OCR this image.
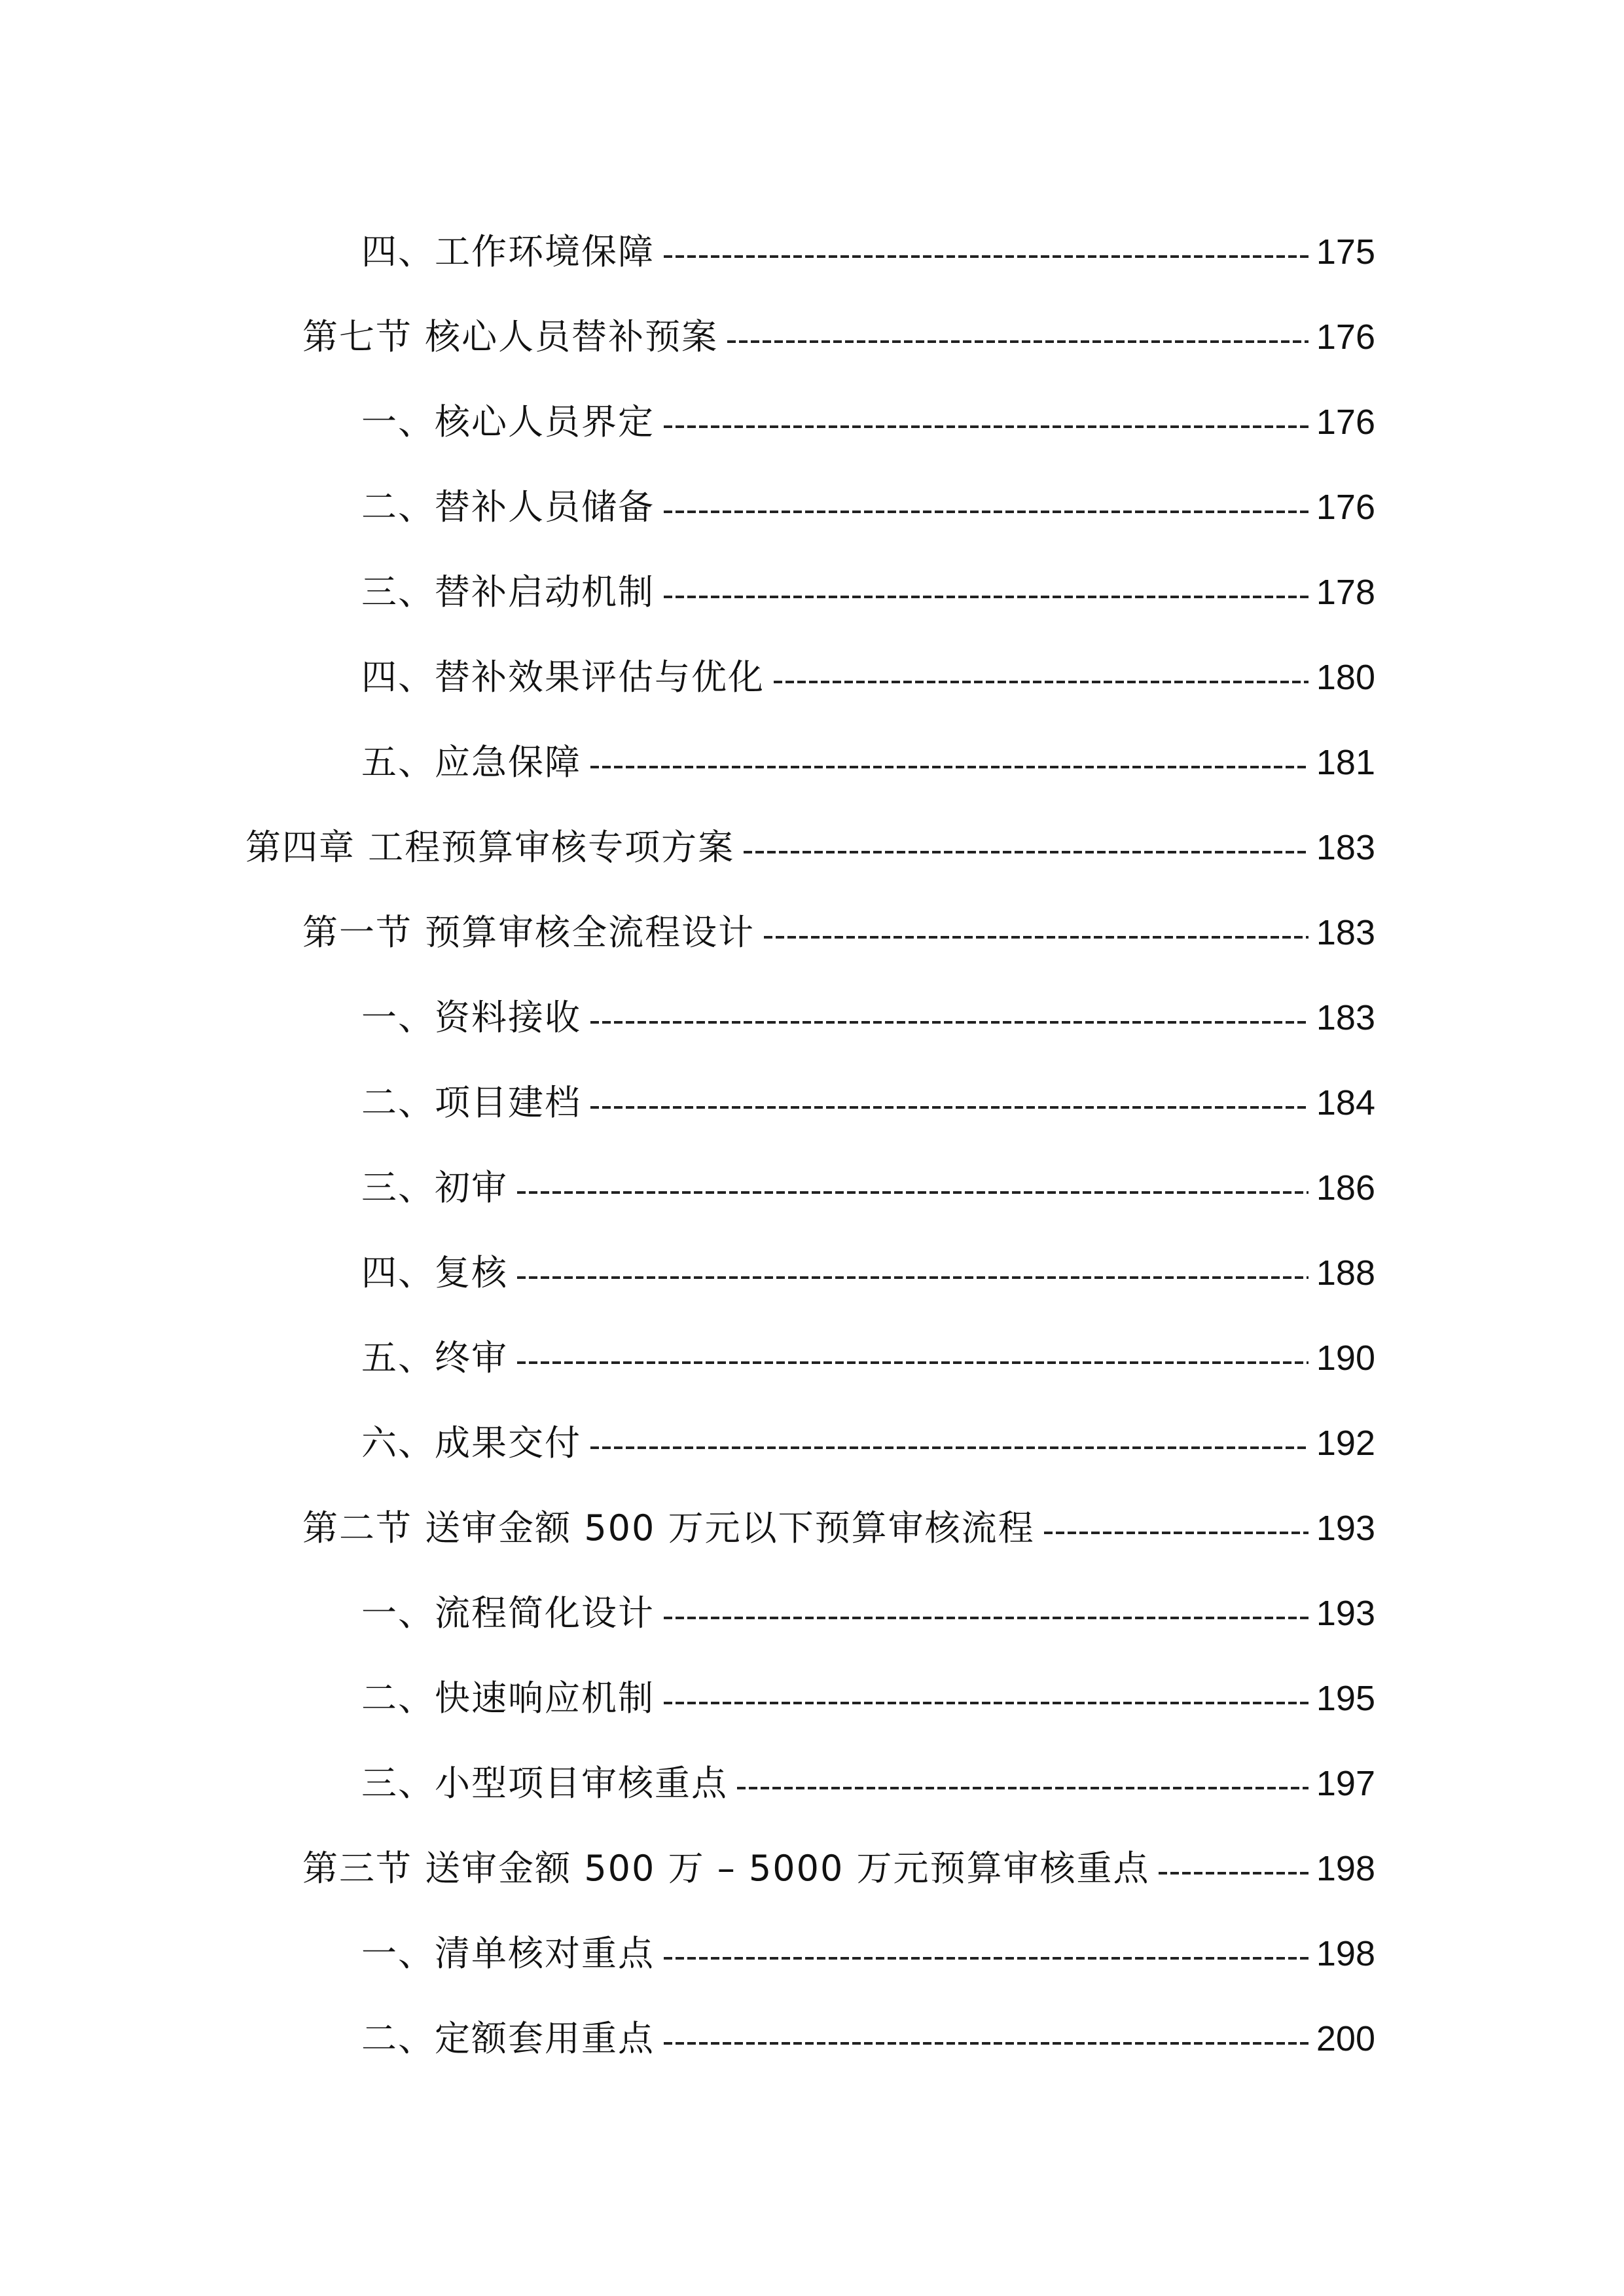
四、工作环境保障	175
第七节 核心人员替补预案	176
一、核心人员界定	176
二、替补人员储备	176
三、替补启动机制	178
四、替补效果评估与优化	180
五、应急保障	181
第四章 工程预算审核专项方案	183
第一节 预算审核全流程设计	183
一、资料接收	183
二、项目建档	184
三、初审	186
四、复核	188
五、终审	190
六、成果交付	192
第二节 送审金额 500 万元以下预算审核流程	193
一、流程简化设计	193
二、快速响应机制	195
三、小型项目审核重点	197
第三节 送审金额 500 万 – 5000 万元预算审核重点	198
一、清单核对重点	198
二、定额套用重点	200
